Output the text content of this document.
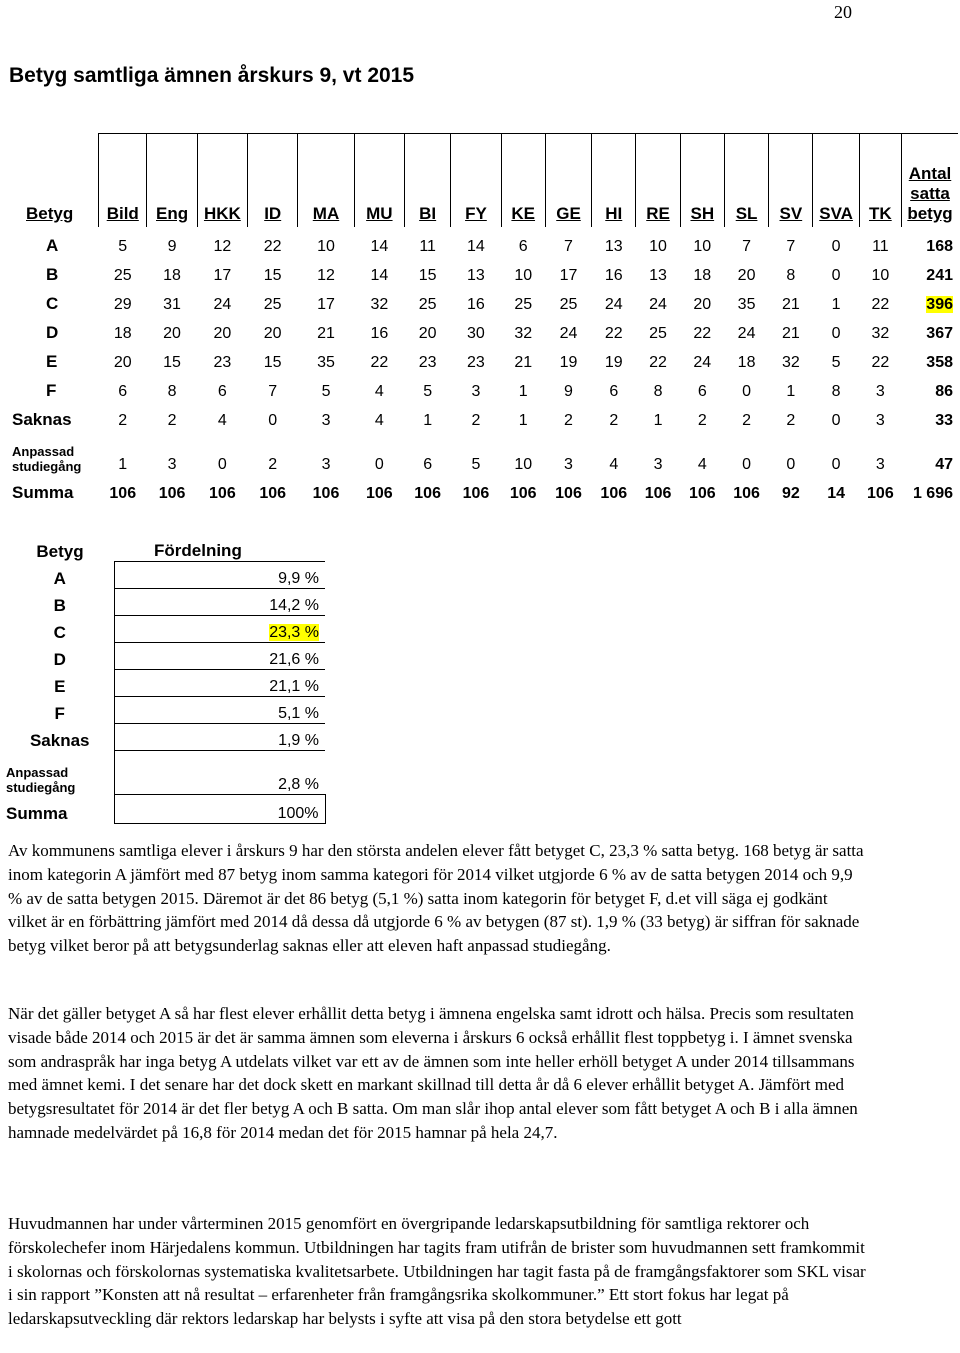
20
Betyg samtliga ämnen årskurs 9, vt 2015
Betyg	Bild	Eng	HKK	ID	MA	MU	BI	FY	KE	GE	HI	RE	SH	SL	SV	SVA	TK	Antal
satta
betyg
A	5	9	12	22	10	14	11	14	6	7	13	10	10	7	7	0	11	168
B	25	18	17	15	12	14	15	13	10	17	16	13	18	20	8	0	10	241
C	29	31	24	25	17	32	25	16	25	25	24	24	20	35	21	1	22	396
D	18	20	20	20	21	16	20	30	32	24	22	25	22	24	21	0	32	367
E	20	15	23	15	35	22	23	23	21	19	19	22	24	18	32	5	22	358
F	6	8	6	7	5	4	5	3	1	9	6	8	6	0	1	8	3	86
Saknas	2	2	4	0	3	4	1	2	1	2	2	1	2	2	2	0	3	33
Anpassad
studiegång	1	3	0	2	3	0	6	5	10	3	4	3	4	0	0	0	3	47
Summa	106	106	106	106	106	106	106	106	106	106	106	106	106	106	92	14	106	1 696
Betyg	Fördelning
A	9,9 %
B	14,2 %
C	23,3 %
D	21,6 %
E	21,1 %
F	5,1 %
Saknas	1,9 %
Anpassad
studiegång	2,8 %
Summa	100%

Av kommunens samtliga elever i årskurs 9 har den största andelen elever fått betyget C, 23,3 % satta betyg. 168 betyg är satta inom kategorin A jämfört med 87 betyg inom samma kategori för 2014 vilket utgjorde 6 % av de satta betygen 2014 och 9,9 % av de satta betygen 2015. Däremot är det 86 betyg (5,1 %) satta inom kategorin för betyget F, d.et vill säga ej godkänt vilket är en förbättring jämfört med 2014 då dessa då utgjorde 6 % av betygen (87 st). 1,9 % (33 betyg) är siffran för saknade betyg vilket beror på att betygsunderlag saknas eller att eleven haft anpassad studiegång.

När det gäller betyget A så har flest elever erhållit detta betyg i ämnena engelska samt idrott och hälsa. Precis som resultaten visade både 2014 och 2015 är det är samma ämnen som eleverna i årskurs 6 också erhållit flest toppbetyg i. I ämnet svenska som andraspråk har inga betyg A utdelats vilket var ett av de ämnen som inte heller erhöll betyget A under 2014 tillsammans med ämnet kemi. I det senare har det dock skett en markant skillnad till detta år då 6 elever erhållit betyget A. Jämfört med betygsresultatet för 2014 är det fler betyg A och B satta. Om man slår ihop antal elever som fått betyget A och B i alla ämnen hamnade medelvärdet på 16,8 för 2014 medan det för 2015 hamnar på hela 24,7.

Huvudmannen har under vårterminen 2015 genomfört en övergripande ledarskapsutbildning för samtliga rektorer och förskolechefer inom Härjedalens kommun. Utbildningen har tagits fram utifrån de brister som huvudmannen sett framkommit i skolornas och förskolornas systematiska kvalitetsarbete. Utbildningen har tagit fasta på de framgångsfaktorer som SKL visar i sin rapport ”Konsten att nå resultat – erfarenheter från framgångsrika skolkommuner.” Ett stort fokus har legat på ledarskapsutveckling där rektors ledarskap har belysts i syfte att visa på den stora betydelse ett gott
